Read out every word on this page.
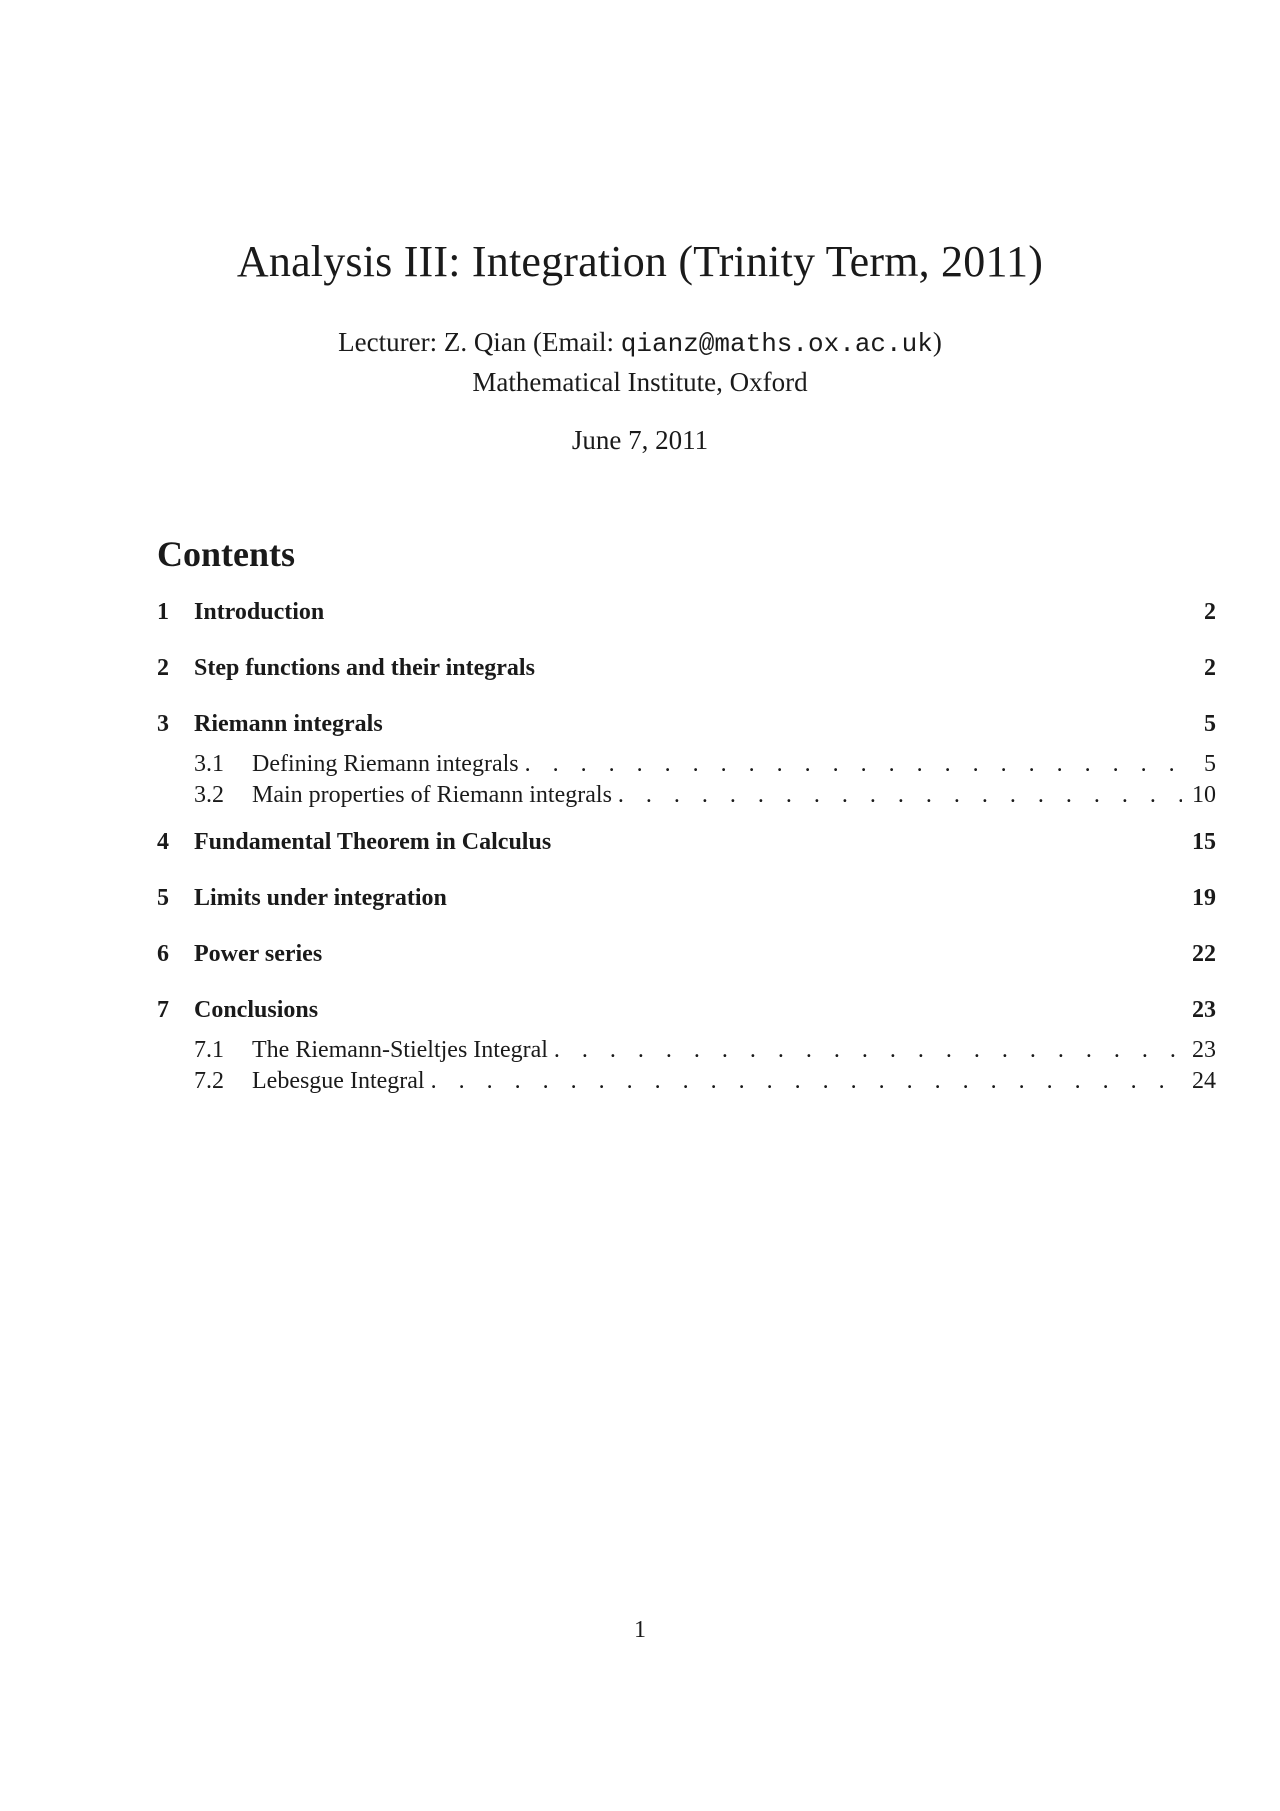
Analysis III: Integration (Trinity Term, 2011)
Lecturer: Z. Qian (Email: qianz@maths.ox.ac.uk)
Mathematical Institute, Oxford
June 7, 2011
Contents
1	Introduction	2
2	Step functions and their integrals	2
3	Riemann integrals	5
3.1	Defining Riemann integrals . . .	5
3.2	Main properties of Riemann integrals . . .	10
4	Fundamental Theorem in Calculus	15
5	Limits under integration	19
6	Power series	22
7	Conclusions	23
7.1	The Riemann-Stieltjes Integral . . .	23
7.2	Lebesgue Integral . . .	24
1
